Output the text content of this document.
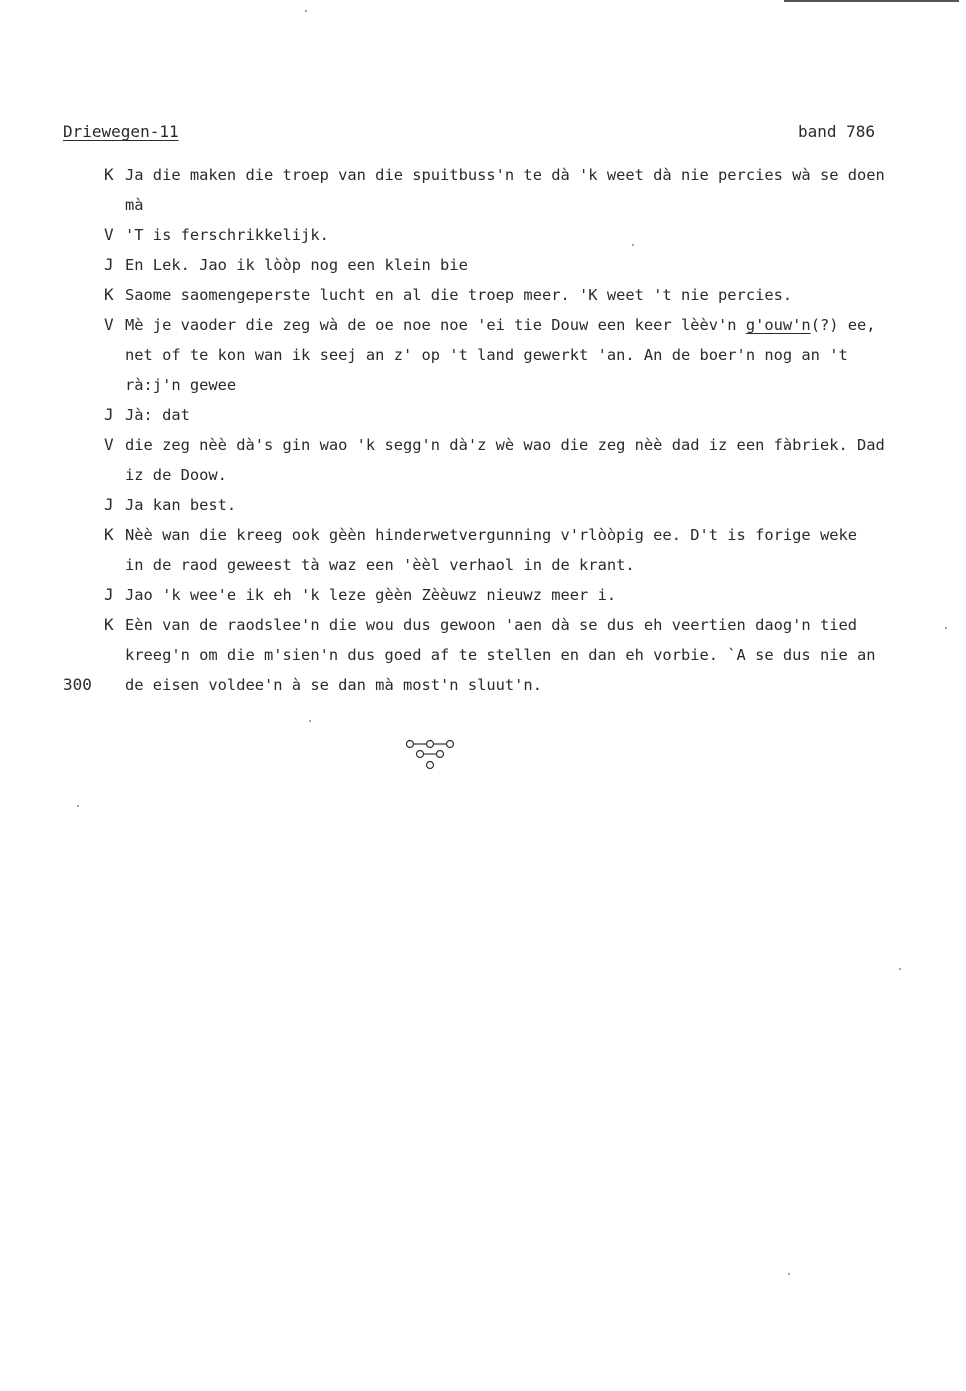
Driewegen-11	band 786
K Ja die maken die troep van die spuitbuss'n te dà 'k weet dà nie percies wà se doen
mà
V 'T is ferschrikkelijk.
J En Lek. Jao ik lòòp nog een klein bie
K Saome saomengeperste lucht en al die troep meer. 'K weet 't nie percies.
V Mè je vaoder die zeg wà de oe noe noe 'ei tie Douw een keer lèèv'n g'ouw'n(?) ee,
net of te kon wan ik seej an z' op 't land gewerkt 'an. An de boer'n nog an 't
rà:j'n gewee
J Jà: dat
V die zeg nèè dà's gin wao 'k segg'n dà'z wè wao die zeg nèè dad iz een fàbriek. Dad
iz de Doow.
J Ja kan best.
K Nèè wan die kreeg ook gèèn hinderwetvergunning v'rlòòpig ee. D't is forige weke
in de raod geweest tà waz een 'èèl verhaol in de krant.
J Jao 'k wee'e ik eh 'k leze gèèn Zèèuwz nieuwz meer i.
K Eèn van de raodslee'n die wou dus gewoon 'aen dà se dus eh veertien daog'n tied
kreeg'n om die m'sien'n dus goed af te stellen en dan eh vorbie. `A se dus nie an
de eisen voldee'n à se dan mà most'n sluut'n.
300
